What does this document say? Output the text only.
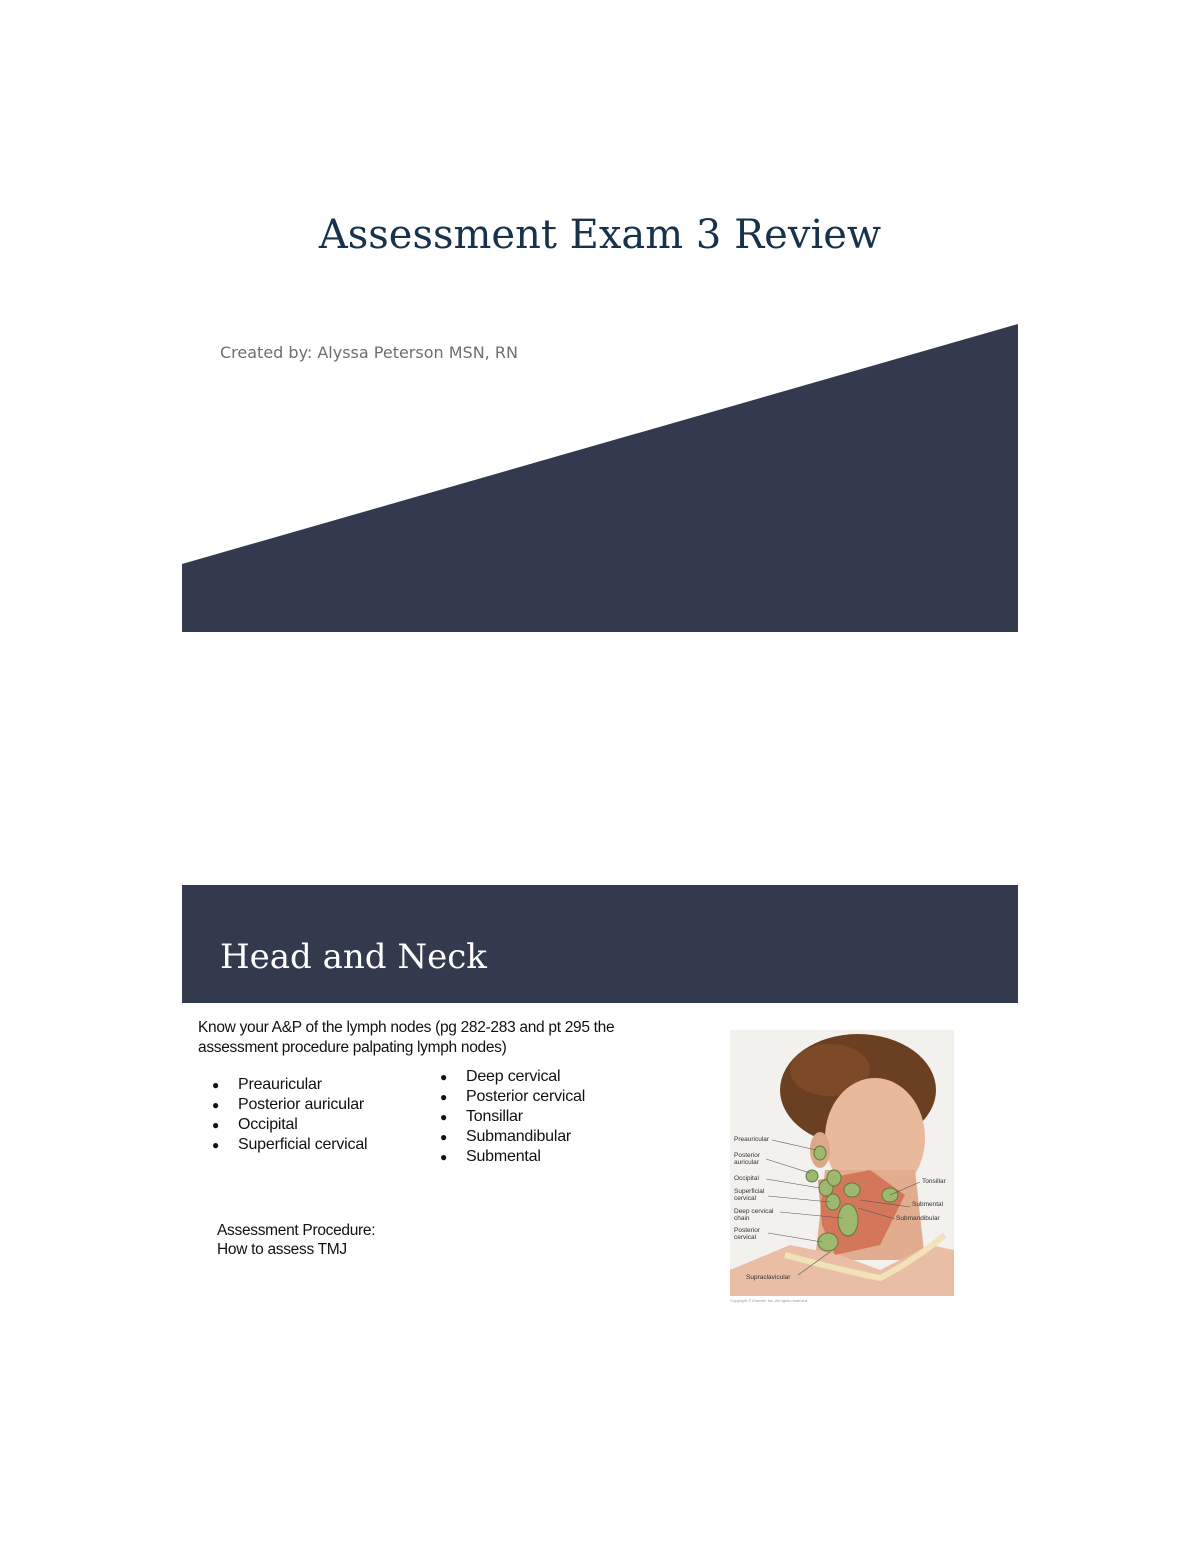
Assessment Exam 3 Review

Created by: Alyssa Peterson MSN, RN

Head and Neck

Know your A&P of the lymph nodes (pg 282-283 and pt 295 the
assessment procedure palpating lymph nodes)

● Preauricular
● Posterior auricular
● Occipital
● Superficial cervical
● Deep cervical
● Posterior cervical
● Tonsillar
● Submandibular
● Submental

Assessment Procedure:
How to assess TMJ

Preauricular
Posterior auricular
Occipital
Superficial cervical
Deep cervical chain
Posterior cervical
Supraclavicular
Tonsillar
Submental
Submandibular
Copyright © Elsevier Inc. All rights reserved.
